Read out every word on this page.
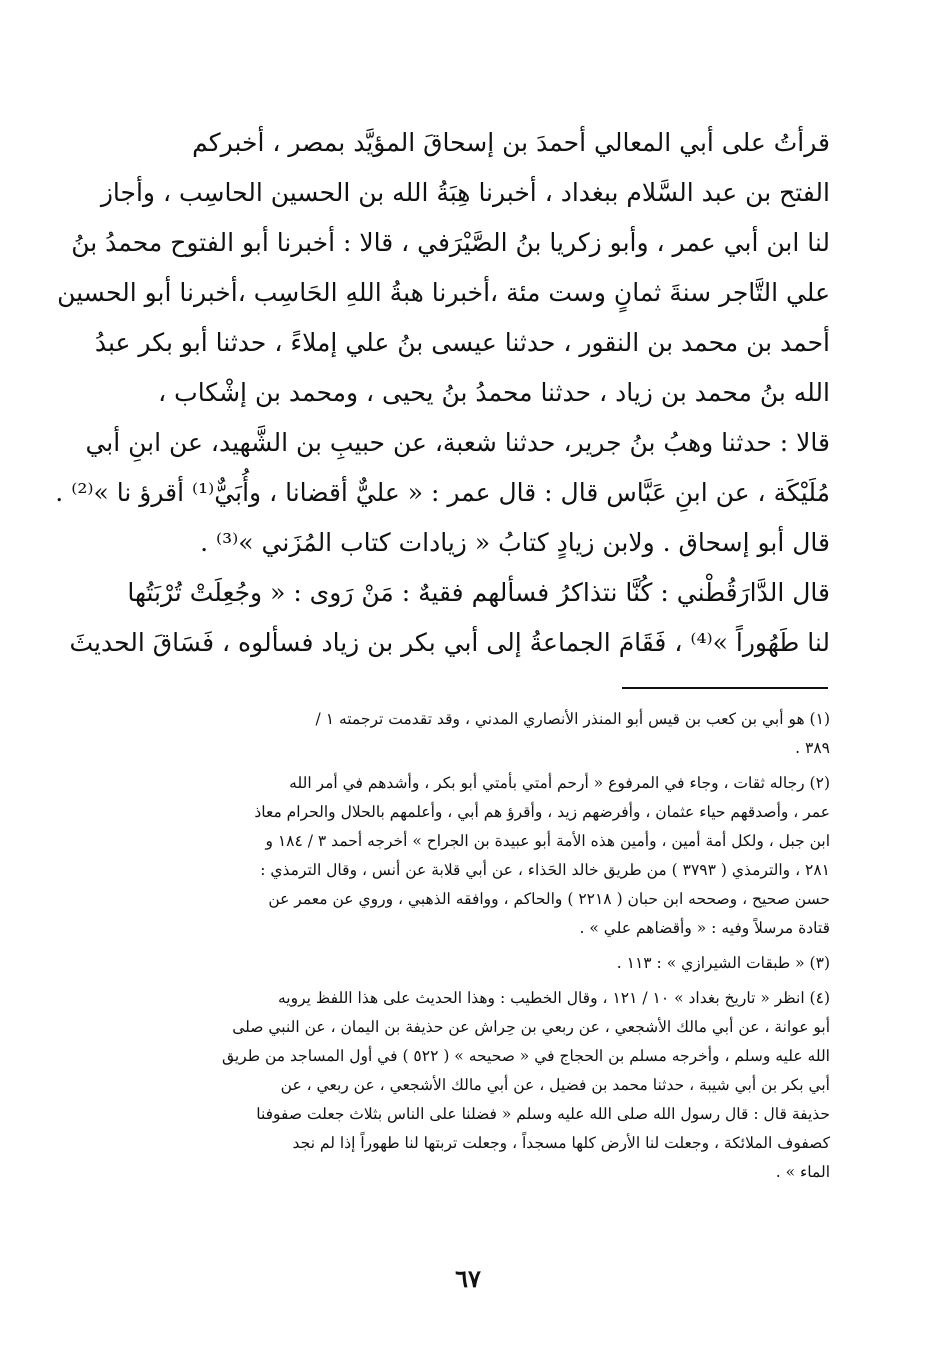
قرأتُ على أبي المعالي أحمدَ بن إسحاقَ المؤيَّد بمصر ، أخبركم
الفتح بن عبد السَّلام ببغداد ، أخبرنا هِبَةُ الله بن الحسين الحاسِب ، وأجاز
لنا ابن أبي عمر ، وأبو زكريا بنُ الصَّيْرَفي ، قالا : أخبرنا أبو الفتوح محمدُ بنُ
علي التَّاجر سنةَ ثمانٍ وست مئة ،أخبرنا هبةُ اللهِ الحَاسِب ،أخبرنا أبو الحسين
أحمد بن محمد بن النقور ، حدثنا عيسى بنُ علي إملاءً ، حدثنا أبو بكر عبدُ
الله بنُ محمد بن زياد ، حدثنا محمدُ بنُ يحيى ، ومحمد بن إشْكاب ،
قالا : حدثنا وهبُ بنُ جرير، حدثنا شعبة، عن حبيبِ بن الشَّهيد، عن ابنِ أبي
مُلَيْكَة ، عن ابنِ عَبَّاس قال : قال عمر : « عليٌّ أقضانا ، وأُبَيٌّ⁽¹⁾ أقرؤ نا »⁽²⁾ .
قال أبو إسحاق . ولابن زيادٍ كتابُ « زيادات كتاب المُزَني »⁽³⁾ .
قال الدَّارَقُطْني : كُنَّا نتذاكرُ فسألهم فقيهٌ : مَنْ رَوى : « وجُعِلَتْ تُرْبَتُها
لنا طَهُوراً »⁽⁴⁾ ، فَقَامَ الجماعةُ إلى أبي بكر بن زياد فسألوه ، فَسَاقَ الحديثَ
(١) هو أبي بن كعب بن قيس أبو المنذر الأنصاري المدني ، وقد تقدمت ترجمته ١ /
٣٨٩ .
(٢) رجاله ثقات ، وجاء في المرفوع « أرحم أمتي بأمتي أبو بكر ، وأشدهم في أمر الله
عمر ، وأصدقهم حياء عثمان ، وأفرضهم زيد ، وأقرؤ هم أبي ، وأعلمهم بالحلال والحرام معاذ
ابن جبل ، ولكل أمة أمين ، وأمين هذه الأمة أبو عبيدة بن الجراح » أخرجه أحمد ٣ / ١٨٤ و
٢٨١ ، والترمذي ( ٣٧٩٣ ) من طريق خالد الحَذاء ، عن أبي قلابة عن أنس ، وقال الترمذي :
حسن صحيح ، وصححه ابن حبان ( ٢٢١٨ ) والحاكم ، ووافقه الذهبي ، وروي عن معمر عن
قتادة مرسلاً وفيه : « وأقضاهم علي » .
(٣) « طبقات الشيرازي » : ١١٣ .
(٤) انظر « تاريخ بغداد » ١٠ / ١٢١ ، وقال الخطيب : وهذا الحديث على هذا اللفظ يرويه
أبو عوانة ، عن أبي مالك الأشجعي ، عن ربعي بن حِراش عن حذيفة بن اليمان ، عن النبي صلى
الله عليه وسلم ، وأخرجه مسلم بن الحجاج في « صحيحه » ( ٥٢٢ ) في أول المساجد من طريق
أبي بكر بن أبي شيبة ، حدثنا محمد بن فضيل ، عن أبي مالك الأشجعي ، عن ربعي ، عن
حذيفة قال : قال رسول الله صلى الله عليه وسلم « فضلنا على الناس بثلاث جعلت صفوفنا
كصفوف الملائكة ، وجعلت لنا الأرض كلها مسجداً ، وجعلت تربتها لنا طهوراً إذا لم نجد
الماء » .
٦٧
